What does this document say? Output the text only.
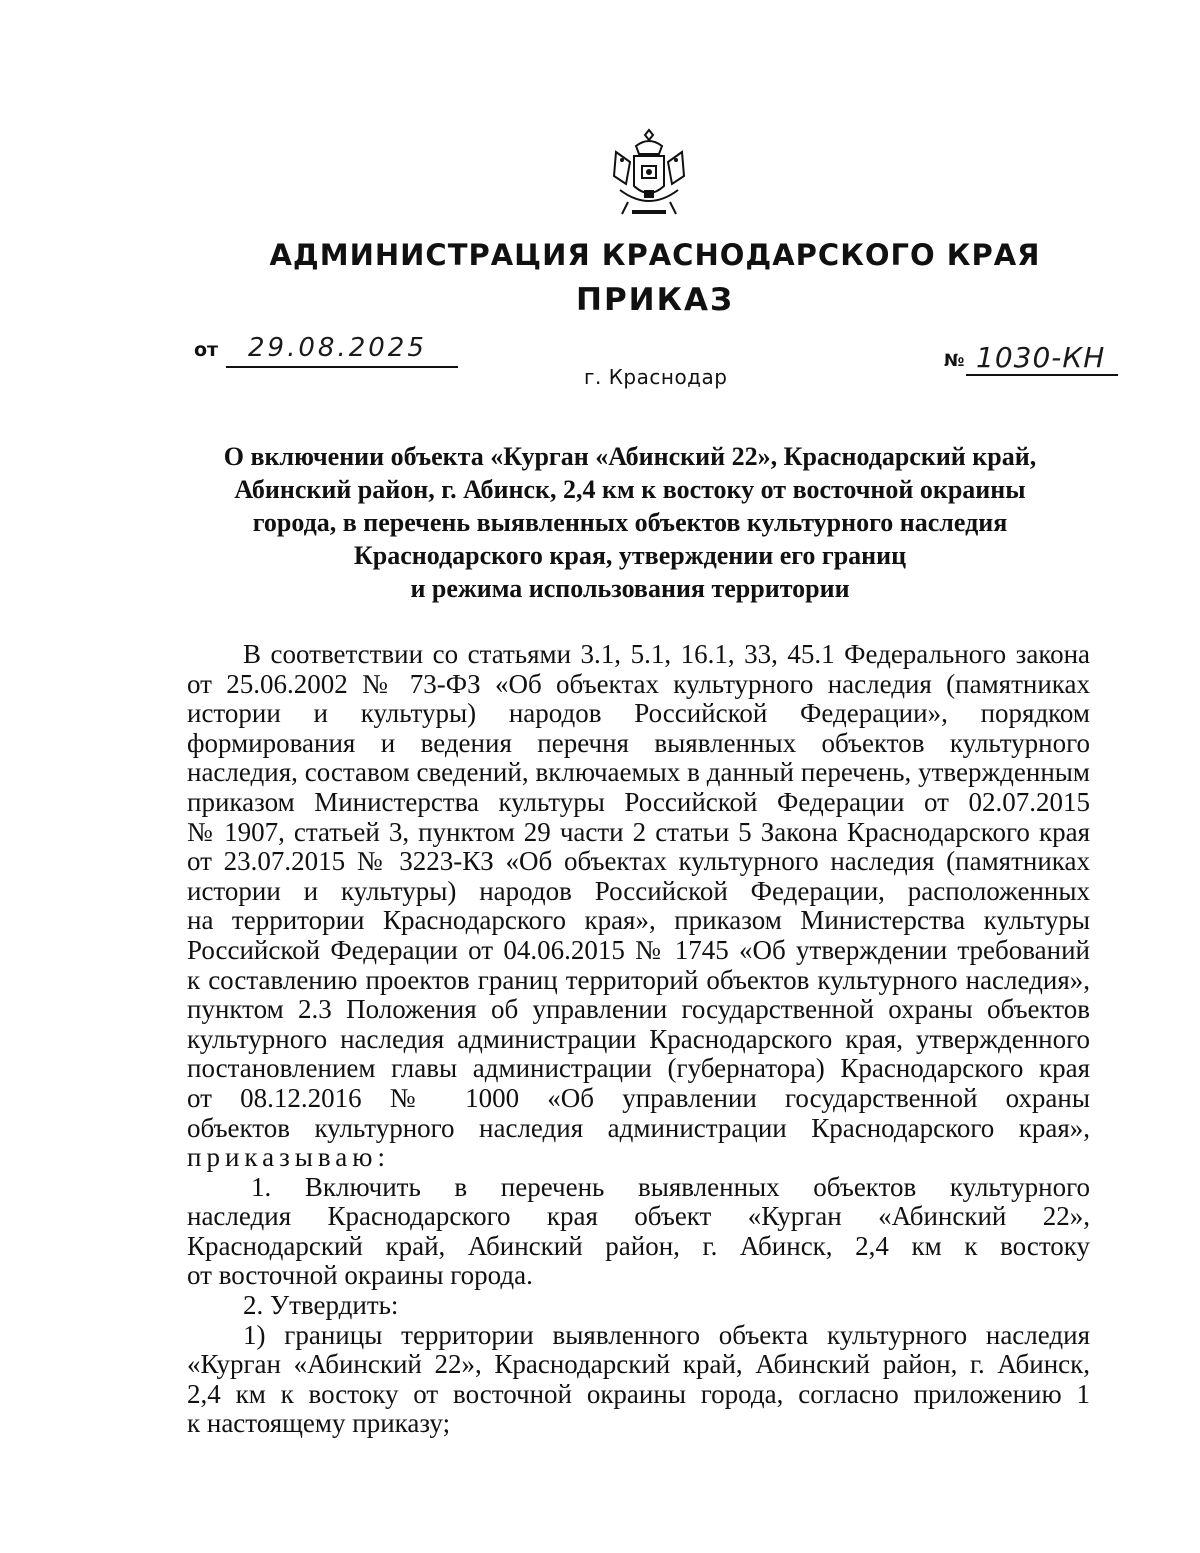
АДМИНИСТРАЦИЯ КРАСНОДАРСКОГО КРАЯ
ПРИКАЗ
от 29.08.2025
г. Краснодар
№ 1030-КН
О включении объекта «Курган «Абинский 22», Краснодарский край,
Абинский район, г. Абинск, 2,4 км к востоку от восточной окраины
города, в перечень выявленных объектов культурного наследия
Краснодарского края, утверждении его границ
и режима использования территории
В соответствии со статьями 3.1, 5.1, 16.1, 33, 45.1 Федерального закона
от 25.06.2002 № 73-ФЗ «Об объектах культурного наследия (памятниках
истории и культуры) народов Российской Федерации», порядком
формирования и ведения перечня выявленных объектов культурного
наследия, составом сведений, включаемых в данный перечень, утвержденным
приказом Министерства культуры Российской Федерации от 02.07.2015
№ 1907, статьей 3, пунктом 29 части 2 статьи 5 Закона Краснодарского края
от 23.07.2015 № 3223-КЗ «Об объектах культурного наследия (памятниках
истории и культуры) народов Российской Федерации, расположенных
на территории Краснодарского края», приказом Министерства культуры
Российской Федерации от 04.06.2015 № 1745 «Об утверждении требований
к составлению проектов границ территорий объектов культурного наследия»,
пунктом 2.3 Положения об управлении государственной охраны объектов
культурного наследия администрации Краснодарского края, утвержденного
постановлением главы администрации (губернатора) Краснодарского края
от 08.12.2016 № 1000 «Об управлении государственной охраны
объектов культурного наследия администрации Краснодарского края»,
приказываю:
1. Включить в перечень выявленных объектов культурного
наследия Краснодарского края объект «Курган «Абинский 22»,
Краснодарский край, Абинский район, г. Абинск, 2,4 км к востоку
от восточной окраины города.
2. Утвердить:
1) границы территории выявленного объекта культурного наследия
«Курган «Абинский 22», Краснодарский край, Абинский район, г. Абинск,
2,4 км к востоку от восточной окраины города, согласно приложению 1
к настоящему приказу;
